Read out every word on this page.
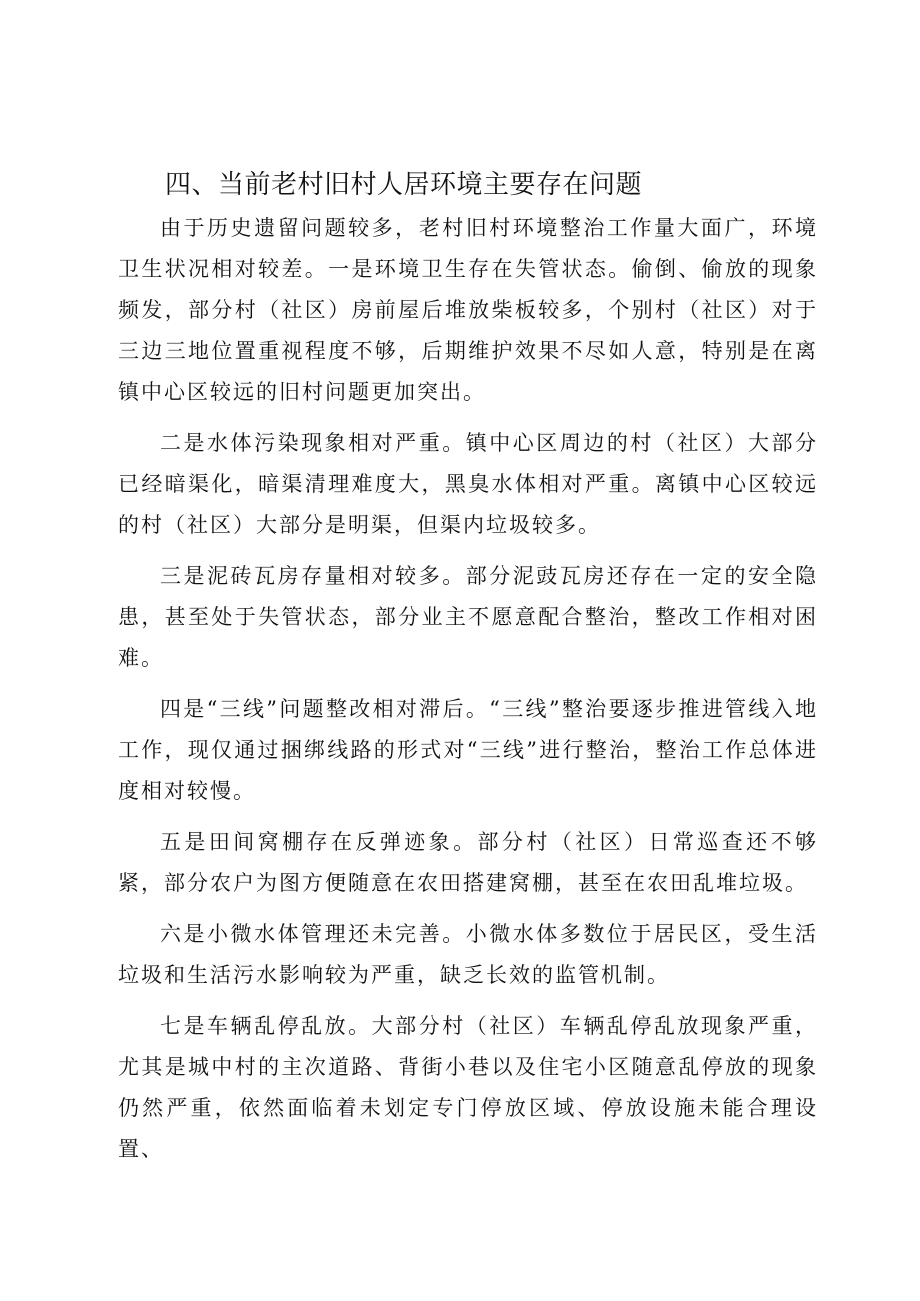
四、当前老村旧村人居环境主要存在问题

由于历史遗留问题较多，老村旧村环境整治工作量大面广，环境卫生状况相对较差。一是环境卫生存在失管状态。偷倒、偷放的现象频发，部分村（社区）房前屋后堆放柴板较多，个别村（社区）对于三边三地位置重视程度不够，后期维护效果不尽如人意，特别是在离镇中心区较远的旧村问题更加突出。

二是水体污染现象相对严重。镇中心区周边的村（社区）大部分已经暗渠化，暗渠清理难度大，黑臭水体相对严重。离镇中心区较远的村（社区）大部分是明渠，但渠内垃圾较多。

三是泥砖瓦房存量相对较多。部分泥豉瓦房还存在一定的安全隐患，甚至处于失管状态，部分业主不愿意配合整治，整改工作相对困难。

四是“三线”问题整改相对滞后。“三线”整治要逐步推进管线入地工作，现仅通过捆绑线路的形式对“三线”进行整治，整治工作总体进度相对较慢。

五是田间窝棚存在反弹迹象。部分村（社区）日常巡查还不够紧，部分农户为图方便随意在农田搭建窝棚，甚至在农田乱堆垃圾。

六是小微水体管理还未完善。小微水体多数位于居民区，受生活垃圾和生活污水影响较为严重，缺乏长效的监管机制。

七是车辆乱停乱放。大部分村（社区）车辆乱停乱放现象严重，尤其是城中村的主次道路、背街小巷以及住宅小区随意乱停放的现象仍然严重，依然面临着未划定专门停放区域、停放设施未能合理设置、
